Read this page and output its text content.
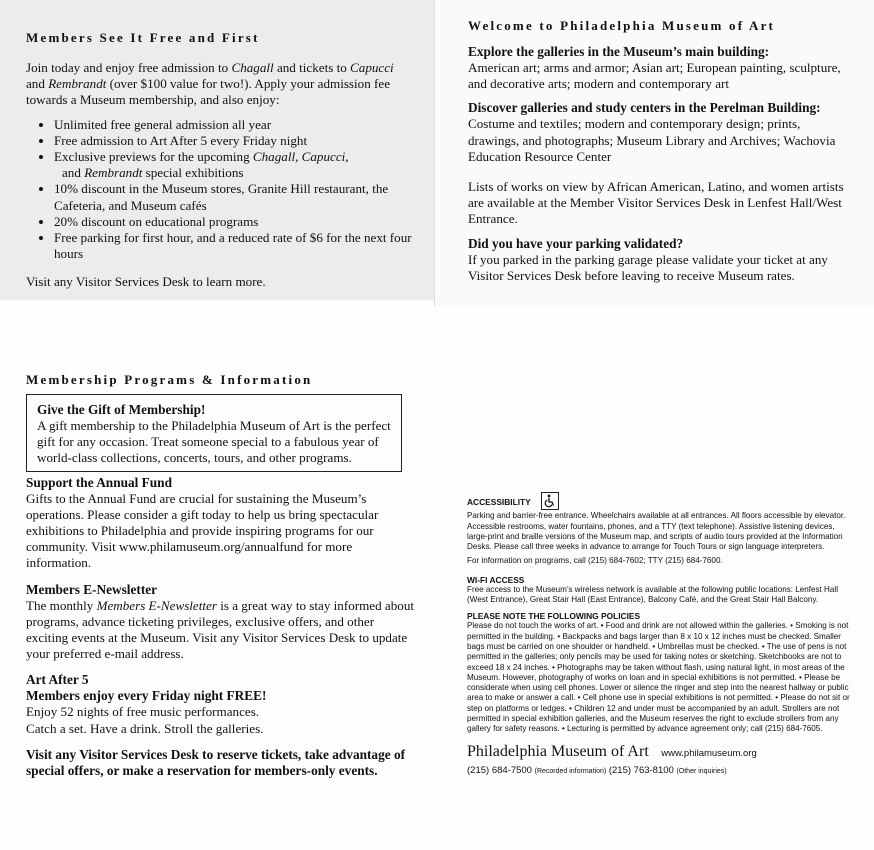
Members See It Free and First

Join today and enjoy free admission to Chagall and tickets to Capucci and Rembrandt (over $100 value for two!). Apply your admission fee towards a Museum membership, and also enjoy:

• Unlimited free general admission all year
• Free admission to Art After 5 every Friday night
• Exclusive previews for the upcoming Chagall, Capucci,
and Rembrandt special exhibitions
• 10% discount in the Museum stores, Granite Hill restaurant, the Cafeteria, and Museum cafés
• 20% discount on educational programs
• Free parking for first hour, and a reduced rate of $6 for the next four hours

Visit any Visitor Services Desk to learn more.

Welcome to Philadelphia Museum of Art

Explore the galleries in the Museum’s main building:

American art; arms and armor; Asian art; European painting, sculpture, and decorative arts; modern and contemporary art

Discover galleries and study centers in the Perelman Building:

Costume and textiles; modern and contemporary design; prints, drawings, and photographs; Museum Library and Archives; Wachovia Education Resource Center

Lists of works on view by African American, Latino, and women artists are available at the Member Visitor Services Desk in Lenfest Hall/West Entrance.

Did you have your parking validated?

If you parked in the parking garage please validate your ticket at any Visitor Services Desk before leaving to receive Museum rates.

Membership Programs & Information

Give the Gift of Membership!

A gift membership to the Philadelphia Museum of Art is the perfect gift for any occasion. Treat someone special to a fabulous year of world-class collections, concerts, tours, and other programs.

Support the Annual Fund

Gifts to the Annual Fund are crucial for sustaining the Museum’s operations. Please consider a gift today to help us bring spectacular exhibitions to Philadelphia and provide inspiring programs for our community. Visit www.philamuseum.org/annualfund for more information.

Members E-Newsletter

The monthly Members E-Newsletter is a great way to stay informed about programs, advance ticketing privileges, exclusive offers, and other exciting events at the Museum. Visit any Visitor Services Desk to update your preferred e-mail address.

Art After 5

Members enjoy every Friday night FREE!

Enjoy 52 nights of free music performances.

Catch a set. Have a drink. Stroll the galleries.

Visit any Visitor Services Desk to reserve tickets, take advantage of special offers, or make a reservation for members-only events.

ACCESSIBILITY

Parking and barrier-free entrance. Wheelchairs available at all entrances. All floors accessible by elevator. Accessible restrooms, water fountains, phones, and a TTY (text telephone). Assistive listening devices, large-print and braille versions of the Museum map, and scripts of audio tours provided at the Information Desks. Please call three weeks in advance to arrange for Touch Tours or sign language interpreters.

For information on programs, call (215) 684-7602; TTY (215) 684-7600.

WI-FI ACCESS

Free access to the Museum’s wireless network is available at the following public locations: Lenfest Hall (West Entrance), Great Stair Hall (East Entrance), Balcony Café, and the Great Stair Hall Balcony.

PLEASE NOTE THE FOLLOWING POLICIES

Please do not touch the works of art. • Food and drink are not allowed within the galleries. • Smoking is not permitted in the building. • Backpacks and bags larger than 8 x 10 x 12 inches must be checked. Smaller bags must be carried on one shoulder or handheld. • Umbrellas must be checked. • The use of pens is not permitted in the galleries; only pencils may be used for taking notes or sketching. Sketchbooks are not to exceed 18 x 24 inches. • Photographs may be taken without flash, using natural light, in most areas of the Museum. However, photography of works on loan and in special exhibitions is not permitted. • Please be considerate when using cell phones. Lower or silence the ringer and step into the nearest hallway or public area to make or answer a call. • Cell phone use in special exhibitions is not permitted. • Please do not sit or step on platforms or ledges. • Children 12 and under must be accompanied by an adult. Strollers are not permitted in special exhibition galleries, and the Museum reserves the right to exclude strollers from any gallery for safety reasons. • Lecturing is permitted by advance agreement only; call (215) 684-7605.

Philadelphia Museum of Art www.philamuseum.org
(215) 684-7500 (Recorded information) (215) 763-8100 (Other inquiries)
